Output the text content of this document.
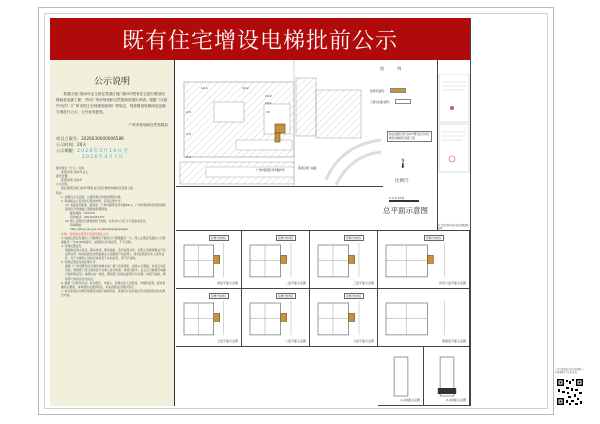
既有住宅增设电梯批前公示
公示说明
荔湾区周门街4号业主拟在荔湾区周门街4号既有住宅进行增设电梯间及连廊工程，并向广州市规划和自然资源局提出申请。根据《行政许可法》《广州市国土空间规划条例》等规定，现将增设电梯间及连廊方案进行公示，公开征询意见。
广州市规划和自然资源局
项目立案号：2026030000006586
公示时间：20天
公示期限：2026年3月19日至
2026年4月7日

建设单位（个人）名称：

荔湾区周门街4号业主

建设位置：

荔湾区周门街4号

公示内容：

拟在荔湾区周门街4号既有住宅进行增设电梯间及连廊工程。

附注：

1. 该图仅为示意图，以最终提交审批的图纸为准。

2. 利益相关人有权进行陈述申辩，意见反馈方式：

(1) 书面意见邮寄、面递至：广州市越秀区西华路96-1，广州市规划和自然资源局荔湾区分局城建工程规划管理科收。

邮政编码：510170

咨询电话：020-81031477

(2) 网上反馈意见请登录如下网址，在诉求公示栏下方直接录意见。

咨询网址：

http://ghzyj.gz.gov.cn/gkpd/zjghgs/pzqgs/

注明：有效的反馈意见需留有联系方式

3. 收函反馈意见须在公示期满后不超过计日期限最后一天，网上反馈意见须在公示期满最后一天24:00前提交，逾期视为无效意见，不予采纳。

4. 有效反馈意见：

须提供反馈人姓名、联系电话、联系地址、身份证明文件，权利人需提供相关产权证明文件（如实际居住的利益相关人需提供产权证明），身份证明需为本人身份证件，对于未提供上述信息或信息不实的意见，将不予采纳。

5. 有效反馈意见的处理方式：

根据《广州市既有住宅增设电梯办法》第十四条规定，批前公示期间，对有反对意见的，规划部门可以组织各方当事人进行协商。协商过程中，业主应当就增设电梯方案听取意见；协商达成一致的，规划部门将依法依规予以办理；协商不成的，规划部门将依法作出决定。

6. 根据《行政许可法》有关规定，申请人、利害关系人有陈述、申辩的权利，经审查确有必要的，本局将依法组织听证，听证按照法定程序进行。

7. 本次审查仅为增设电梯及连廊方案的审查，具体设计及审查应符合国家相关技术规范内容。

12-1	12-2
13-2
13-1
13
2-5
2-4
2-3
广州市荔湾区环翠园护局
荔湾区周门东路
图 例
拟增设建筑：
已建(改建)建筑：
拟在荔湾区周门街4号既有住宅进行增设电梯间及连廊工程
N
⬇
比例尺：
0 2 5 10米
总平面示意图
拟增设电梯区
首层平面示意图
拟增设电梯区
二层平面示意图
拟增设电梯区
三层平面示意图
拟增设电梯区
四至六层平面示意图
拟增设电梯区
七层平面示意图
拟增设电梯区
八层平面示意图
拟增设电梯区
九层平面示意图	屋面层平面示意图
1-1剖面示意图	2-2剖面示意图
业主同意增设电梯和使用楼层规划图
广州市规划和自然资源局网上办事服务平台扫码查询
